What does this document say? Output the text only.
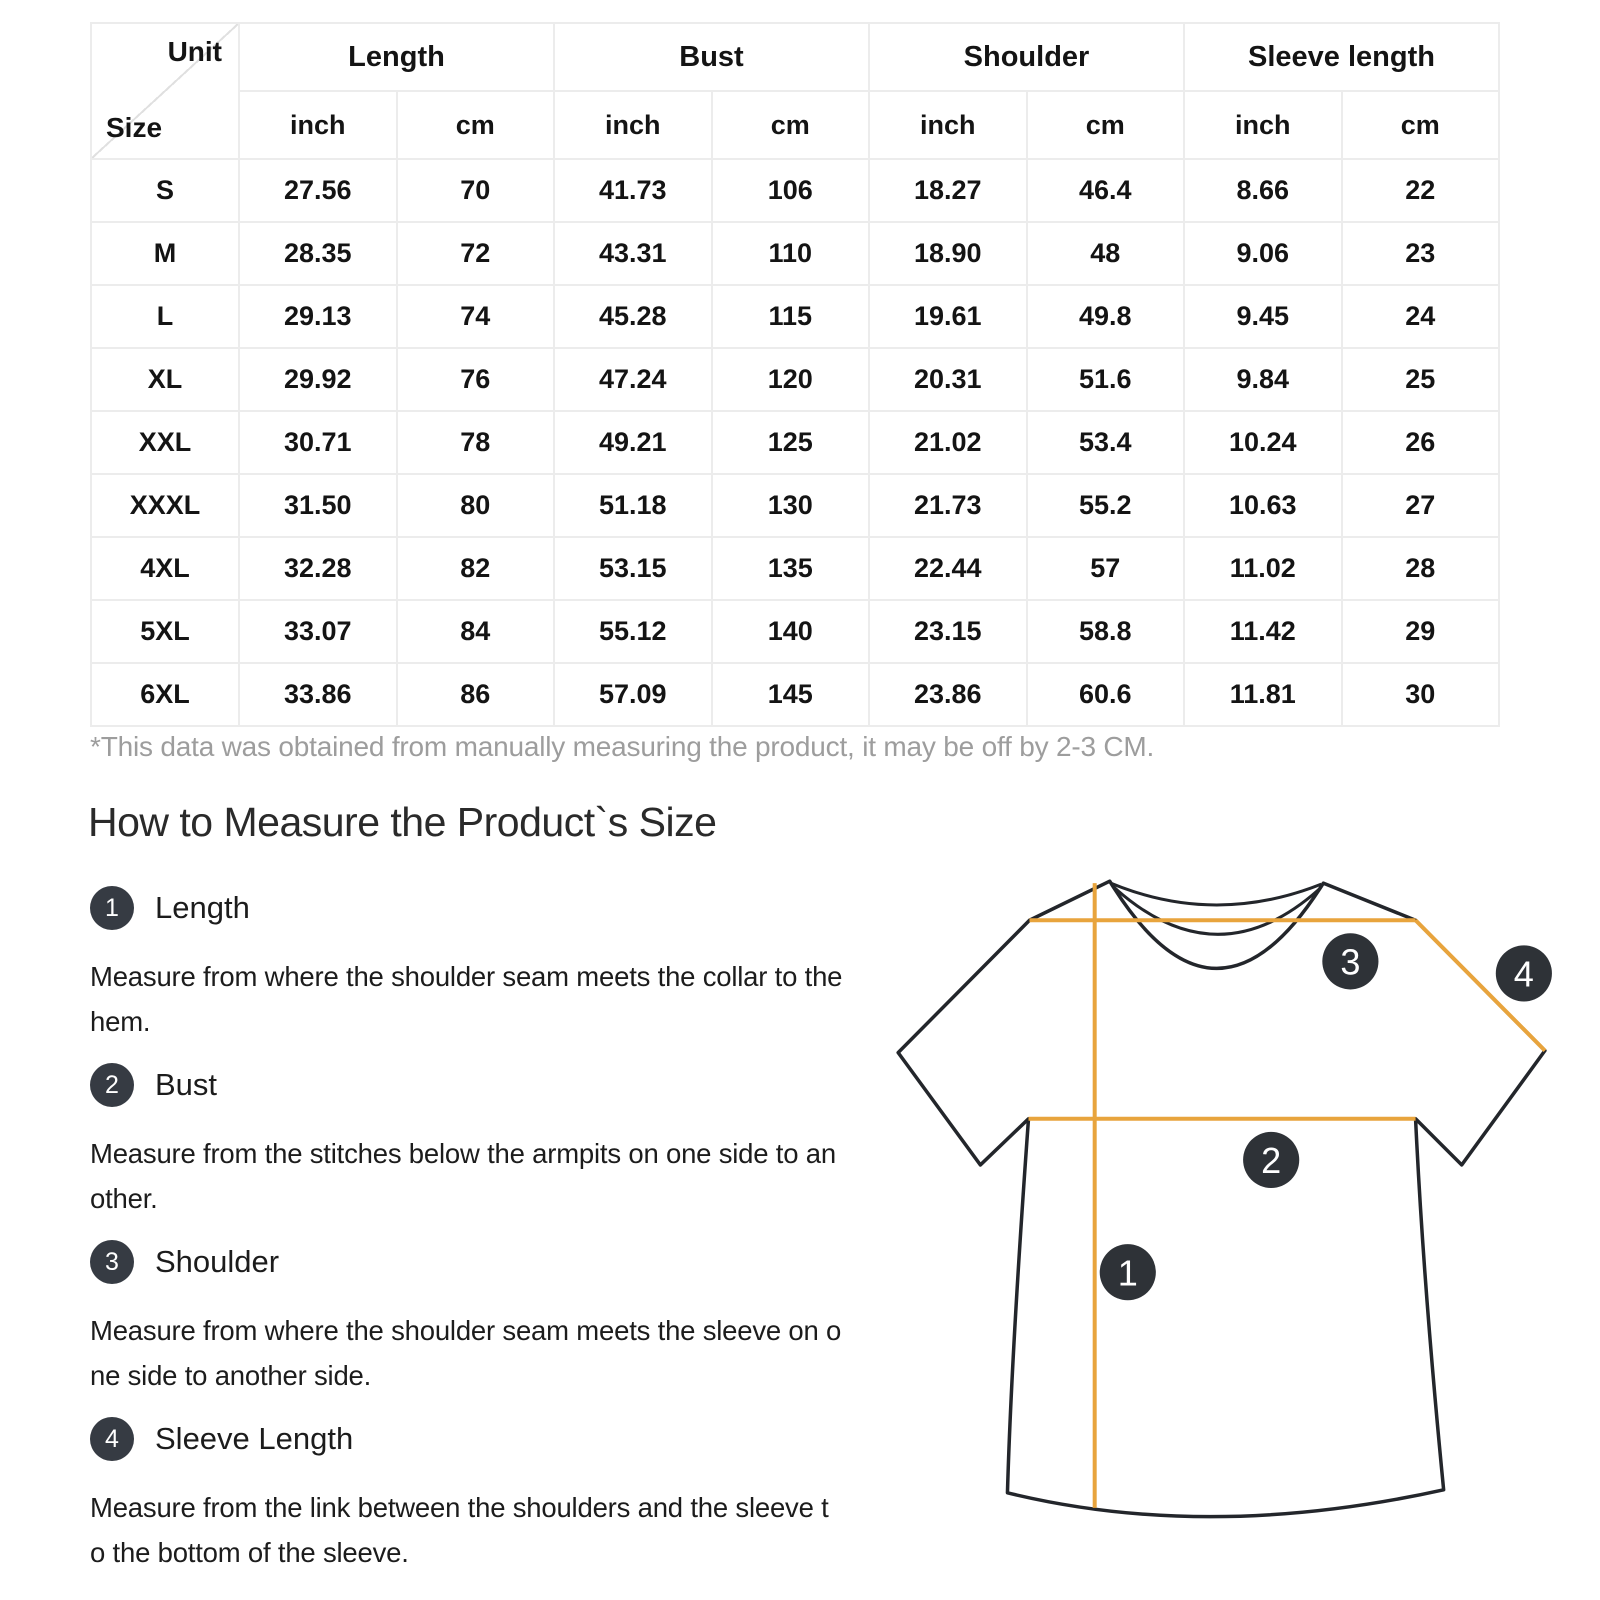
Unit
Size	Length		Bust		Shoulder		Sleeve length	
	inch	cm	inch	cm	inch	cm	inch	cm
S	27.56	70	41.73	106	18.27	46.4	8.66	22
M	28.35	72	43.31	110	18.90	48	9.06	23
L	29.13	74	45.28	115	19.61	49.8	9.45	24
XL	29.92	76	47.24	120	20.31	51.6	9.84	25
XXL	30.71	78	49.21	125	21.02	53.4	10.24	26
XXXL	31.50	80	51.18	130	21.73	55.2	10.63	27
4XL	32.28	82	53.15	135	22.44	57	11.02	28
5XL	33.07	84	55.12	140	23.15	58.8	11.42	29
6XL	33.86	86	57.09	145	23.86	60.6	11.81	30
*This data was obtained from manually measuring the product, it may be off by 2-3 CM.
How to Measure the Product`s Size
1 Length

Measure from where the shoulder seam meets the collar to the
hem.

2 Bust

Measure from the stitches below the armpits on one side to an
other.

3 Shoulder

Measure from where the shoulder seam meets the sleeve on o
ne side to another side.

4 Sleeve Length

Measure from the link between the shoulders and the sleeve t
o the bottom of the sleeve.

1
2
3	4
